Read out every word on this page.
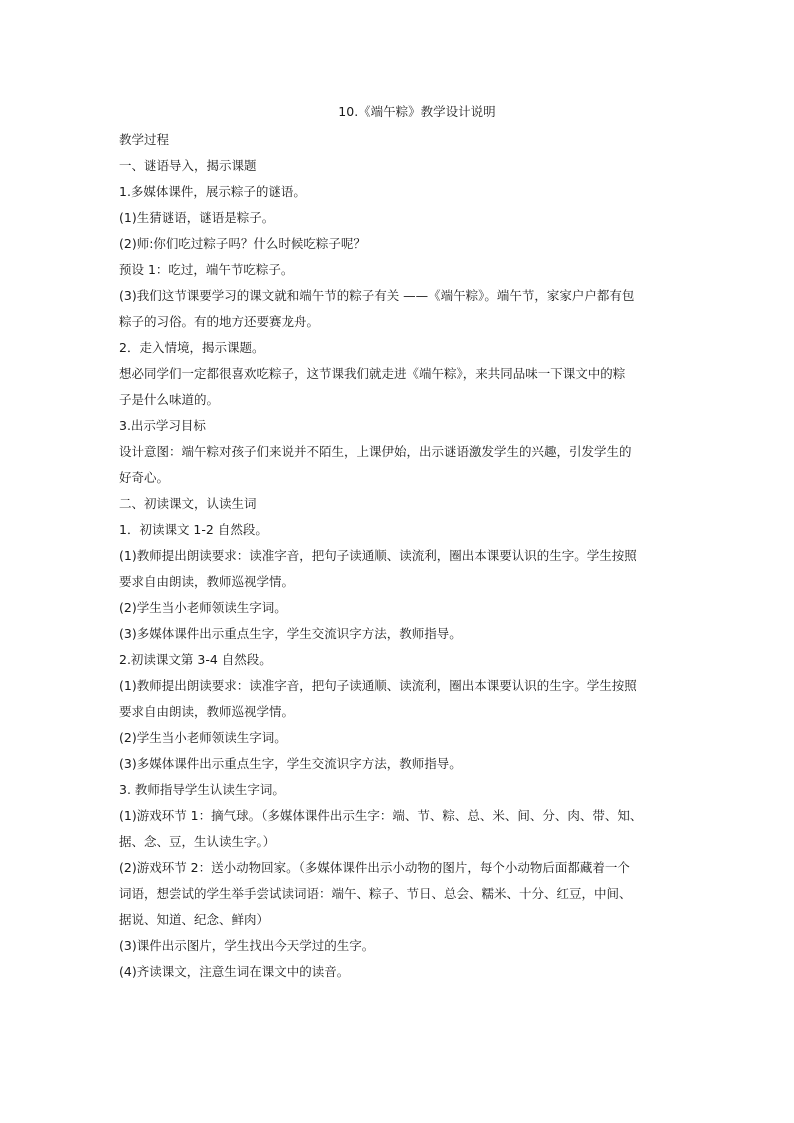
10.《端午粽》教学设计说明
教学过程
一、谜语导入，揭示课题
1.多媒体课件，展示粽子的谜语。
(1)生猜谜语，谜语是粽子。
(2)师:你们吃过粽子吗？什么时候吃粽子呢？
预设 1：吃过，端午节吃粽子。
(3)我们这节课要学习的课文就和端午节的粽子有关 ——《端午粽》。端午节，家家户户都有包
粽子的习俗。有的地方还要赛龙舟。
2．走入情境，揭示课题。
想必同学们一定都很喜欢吃粽子，这节课我们就走进《端午粽》，来共同品味一下课文中的粽
子是什么味道的。
3.出示学习目标
设计意图：端午粽对孩子们来说并不陌生，上课伊始，出示谜语激发学生的兴趣，引发学生的
好奇心。
二、初读课文，认读生词
1．初读课文 1-2 自然段。
(1)教师提出朗读要求：读准字音，把句子读通顺、读流利，圈出本课要认识的生字。学生按照
要求自由朗读，教师巡视学情。
(2)学生当小老师领读生字词。
(3)多媒体课件出示重点生字，学生交流识字方法，教师指导。
2.初读课文第 3-4 自然段。
(1)教师提出朗读要求：读准字音，把句子读通顺、读流利，圈出本课要认识的生字。学生按照
要求自由朗读，教师巡视学情。
(2)学生当小老师领读生字词。
(3)多媒体课件出示重点生字，学生交流识字方法，教师指导。
3. 教师指导学生认读生字词。
(1)游戏环节 1：摘气球。（多媒体课件出示生字：端、节、粽、总、米、间、分、肉、带、知、
据、念、豆，生认读生字。）
(2)游戏环节 2：送小动物回家。（多媒体课件出示小动物的图片，每个小动物后面都藏着一个
词语，想尝试的学生举手尝试读词语：端午、粽子、节日、总会、糯米、十分、红豆，中间、
据说、知道、纪念、鲜肉）
(3)课件出示图片，学生找出今天学过的生字。
(4)齐读课文，注意生词在课文中的读音。
